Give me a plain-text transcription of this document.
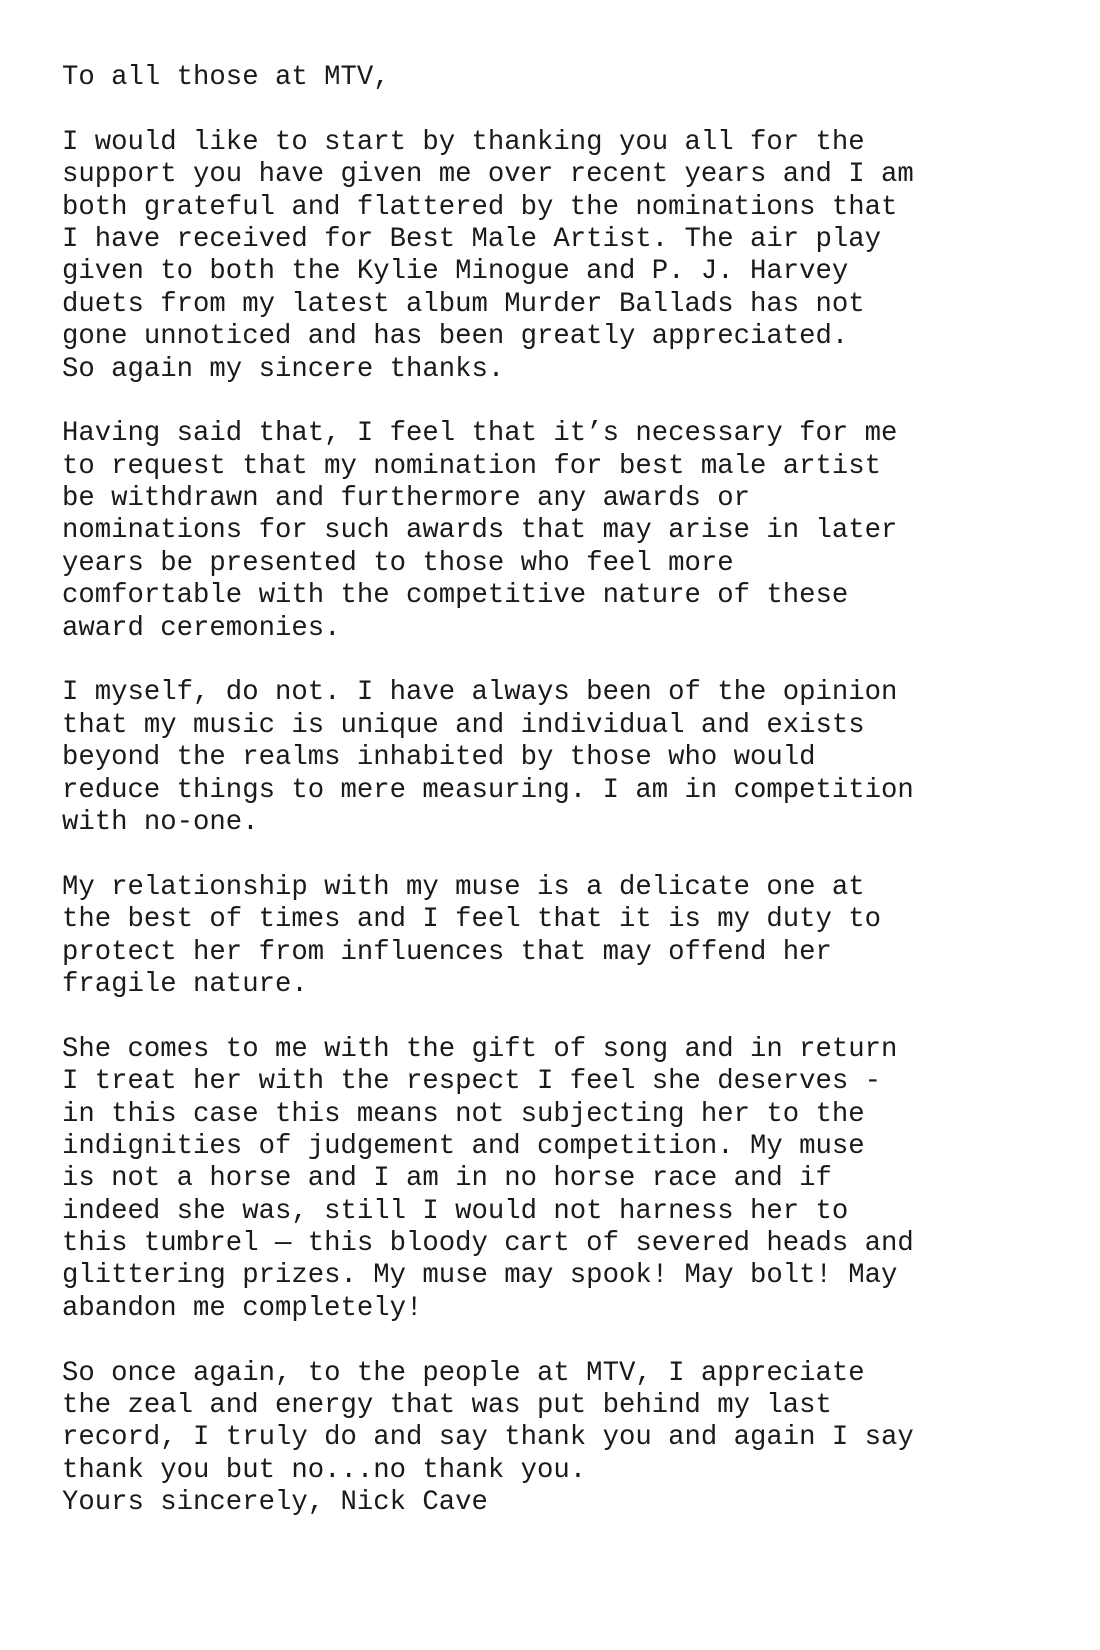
To all those at MTV,
I would like to start by thanking you all for the
support you have given me over recent years and I am
both grateful and flattered by the nominations that
I have received for Best Male Artist. The air play
given to both the Kylie Minogue and P. J. Harvey
duets from my latest album Murder Ballads has not
gone unnoticed and has been greatly appreciated.
So again my sincere thanks.
Having said that, I feel that it’s necessary for me
to request that my nomination for best male artist
be withdrawn and furthermore any awards or
nominations for such awards that may arise in later
years be presented to those who feel more
comfortable with the competitive nature of these
award ceremonies.
I myself, do not. I have always been of the opinion
that my music is unique and individual and exists
beyond the realms inhabited by those who would
reduce things to mere measuring. I am in competition
with no-one.
My relationship with my muse is a delicate one at
the best of times and I feel that it is my duty to
protect her from influences that may offend her
fragile nature.
She comes to me with the gift of song and in return
I treat her with the respect I feel she deserves -
in this case this means not subjecting her to the
indignities of judgement and competition. My muse
is not a horse and I am in no horse race and if
indeed she was, still I would not harness her to
this tumbrel — this bloody cart of severed heads and
glittering prizes. My muse may spook! May bolt! May
abandon me completely!
So once again, to the people at MTV, I appreciate
the zeal and energy that was put behind my last
record, I truly do and say thank you and again I say
thank you but no...no thank you.
Yours sincerely, Nick Cave
